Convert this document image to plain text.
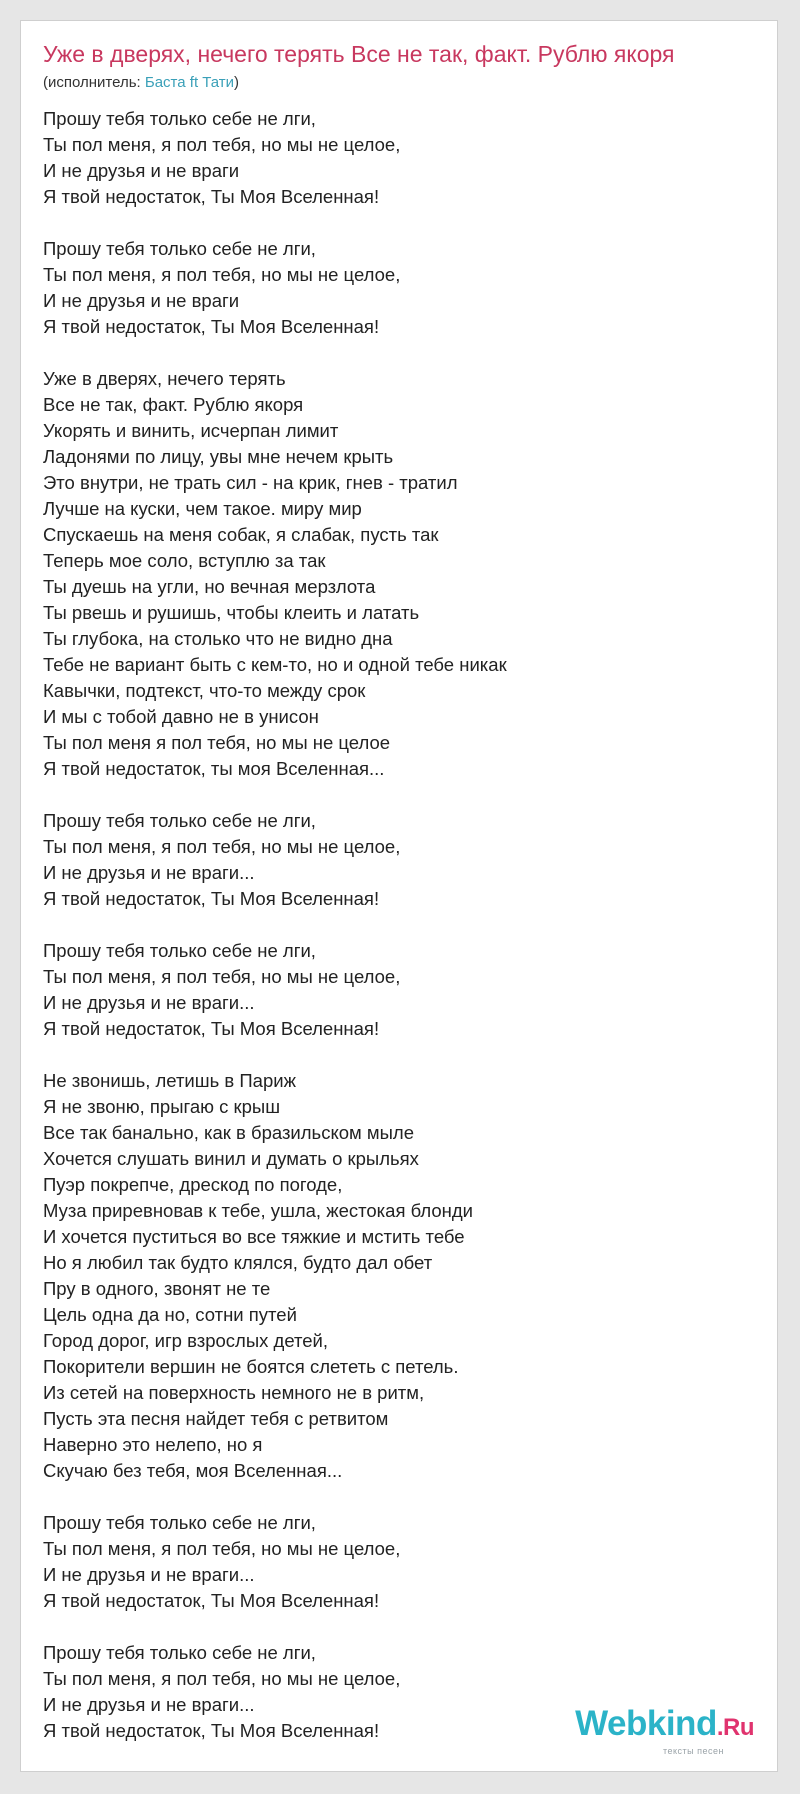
Уже в дверях, нечего терять Все не так, факт. Рублю якоря
(исполнитель: Баста ft Тати)
Прошу тебя только себе не лги,
Ты пол меня, я пол тебя, но мы не целое,
И не друзья и не враги
Я твой недостаток, Ты Моя Вселенная!
Прошу тебя только себе не лги,
Ты пол меня, я пол тебя, но мы не целое,
И не друзья и не враги
Я твой недостаток, Ты Моя Вселенная!
Уже в дверях, нечего терять
Все не так, факт. Рублю якоря
Укорять и винить, исчерпан лимит
Ладонями по лицу, увы мне нечем крыть
Это внутри, не трать сил - на крик, гнев - тратил
Лучше на куски, чем такое. миру мир
Спускаешь на меня собак, я слабак, пусть так
Теперь мое соло, вступлю за так
Ты дуешь на угли, но вечная мерзлота
Ты рвешь и рушишь, чтобы клеить и латать
Ты глубока, на столько что не видно дна
Тебе не вариант быть с кем-то, но и одной тебе никак
Кавычки, подтекст, что-то между срок
И мы с тобой давно не в унисон
Ты пол меня я пол тебя, но мы не целое
Я твой недостаток, ты моя Вселенная...
Прошу тебя только себе не лги,
Ты пол меня, я пол тебя, но мы не целое,
И не друзья и не враги...
Я твой недостаток, Ты Моя Вселенная!
Прошу тебя только себе не лги,
Ты пол меня, я пол тебя, но мы не целое,
И не друзья и не враги...
Я твой недостаток, Ты Моя Вселенная!
Не звонишь, летишь в Париж
Я не звоню, прыгаю с крыш
Все так банально, как в бразильском мыле
Хочется слушать винил и думать о крыльях
Пуэр покрепче, дрескод по погоде,
Муза приревновав к тебе, ушла, жестокая блонди
И хочется пуститься во все тяжкие и мстить тебе
Но я любил так будто клялся, будто дал обет
Пру в одного, звонят не те
Цель одна да но, сотни путей
Город дорог, игр взрослых детей,
Покорители вершин не боятся слететь с петель.
Из сетей на поверхность немного не в ритм,
Пусть эта песня найдет тебя с ретвитом
Наверно это нелепо, но я
Скучаю без тебя, моя Вселенная...
Прошу тебя только себе не лги,
Ты пол меня, я пол тебя, но мы не целое,
И не друзья и не враги...
Я твой недостаток, Ты Моя Вселенная!
Прошу тебя только себе не лги,
Ты пол меня, я пол тебя, но мы не целое,
И не друзья и не враги...
Я твой недостаток, Ты Моя Вселенная!	Webkind.Ru
тексты песен
